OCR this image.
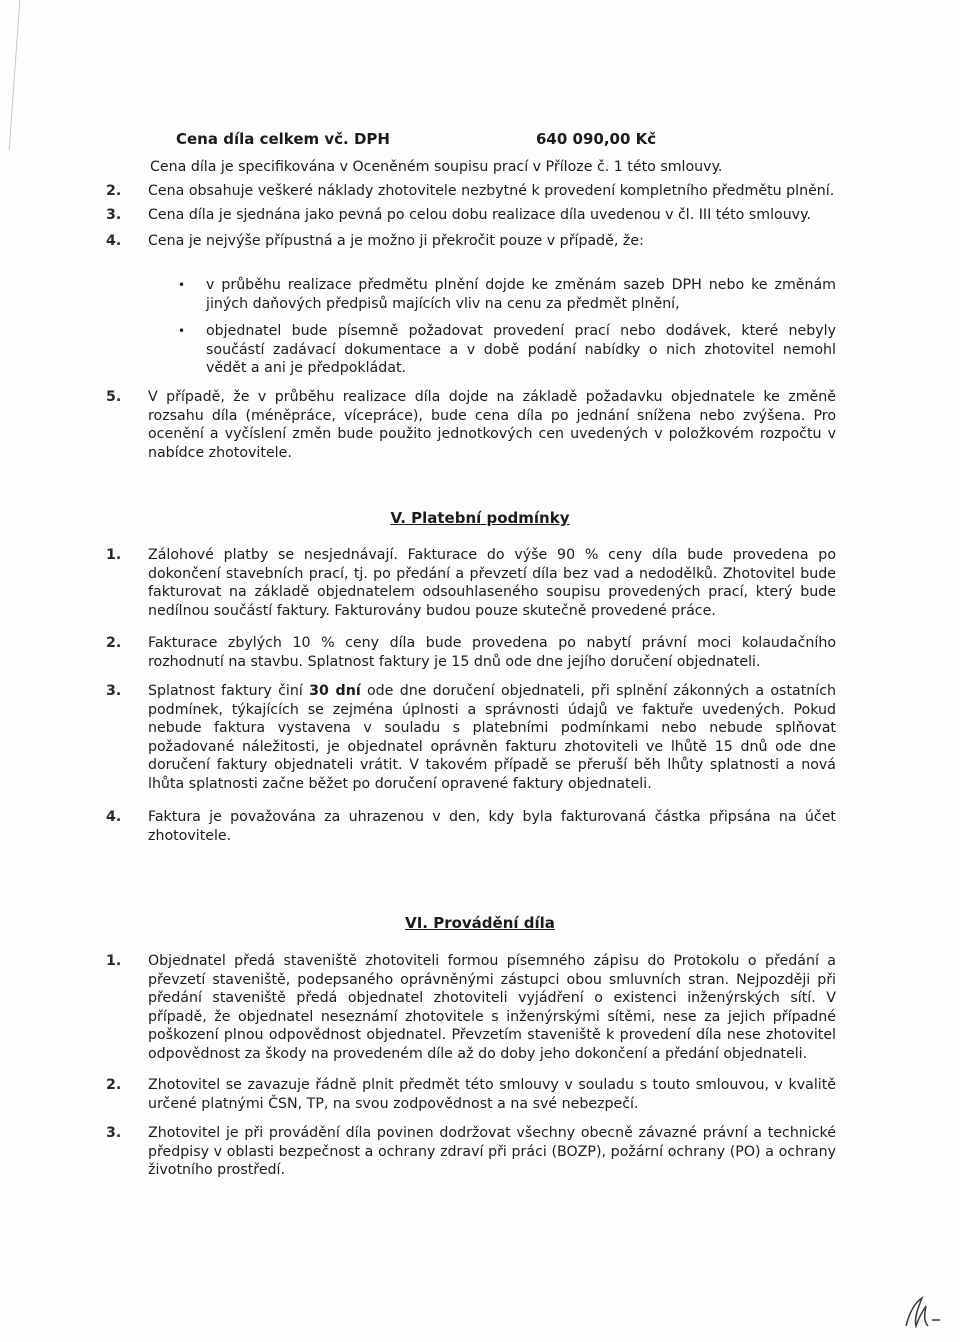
Cena díla celkem vč. DPH	640 090,00 Kč
Cena díla je specifikována v Oceněném soupisu prací v Příloze č. 1 této smlouvy.
2.	Cena obsahuje veškeré náklady zhotovitele nezbytné k provedení kompletního předmětu plnění.
3.	Cena díla je sjednána jako pevná po celou dobu realizace díla uvedenou v čl. III této smlouvy.
4.	Cena je nejvýše přípustná a je možno ji překročit pouze v případě, že:
• v průběhu realizace předmětu plnění dojde ke změnám sazeb DPH nebo ke změnám jiných daňových předpisů majících vliv na cenu za předmět plnění,
• objednatel bude písemně požadovat provedení prací nebo dodávek, které nebyly součástí zadávací dokumentace a v době podání nabídky o nich zhotovitel nemohl vědět a ani je předpokládat.
5.	V případě, že v průběhu realizace díla dojde na základě požadavku objednatele ke změně rozsahu díla (méněpráce, vícepráce), bude cena díla po jednání snížena nebo zvýšena. Pro ocenění a vyčíslení změn bude použito jednotkových cen uvedených v položkovém rozpočtu v nabídce zhotovitele.
V. Platební podmínky
1.	Zálohové platby se nesjednávají. Fakturace do výše 90 % ceny díla bude provedena po dokončení stavebních prací, tj. po předání a převzetí díla bez vad a nedodělků. Zhotovitel bude fakturovat na základě objednatelem odsouhlaseného soupisu provedených prací, který bude nedílnou součástí faktury. Fakturovány budou pouze skutečně provedené práce.
2.	Fakturace zbylých 10 % ceny díla bude provedena po nabytí právní moci kolaudačního rozhodnutí na stavbu. Splatnost faktury je 15 dnů ode dne jejího doručení objednateli.
3.	Splatnost faktury činí 30 dní ode dne doručení objednateli, při splnění zákonných a ostatních podmínek, týkajících se zejména úplnosti a správnosti údajů ve faktuře uvedených. Pokud nebude faktura vystavena v souladu s platebními podmínkami nebo nebude splňovat požadované náležitosti, je objednatel oprávněn fakturu zhotoviteli ve lhůtě 15 dnů ode dne doručení faktury objednateli vrátit. V takovém případě se přeruší běh lhůty splatnosti a nová lhůta splatnosti začne běžet po doručení opravené faktury objednateli.
4.	Faktura je považována za uhrazenou v den, kdy byla fakturovaná částka připsána na účet zhotovitele.
VI. Provádění díla
1.	Objednatel předá staveniště zhotoviteli formou písemného zápisu do Protokolu o předání a převzetí staveniště, podepsaného oprávněnými zástupci obou smluvních stran. Nejpozději při předání staveniště předá objednatel zhotoviteli vyjádření o existenci inženýrských sítí. V případě, že objednatel neseznámí zhotovitele s inženýrskými sítěmi, nese za jejich případné poškození plnou odpovědnost objednatel. Převzetím staveniště k provedení díla nese zhotovitel odpovědnost za škody na provedeném díle až do doby jeho dokončení a předání objednateli.
2.	Zhotovitel se zavazuje řádně plnit předmět této smlouvy v souladu s touto smlouvou, v kvalitě určené platnými ČSN, TP, na svou zodpovědnost a na své nebezpečí.
3.	Zhotovitel je při provádění díla povinen dodržovat všechny obecně závazné právní a technické předpisy v oblasti bezpečnost a ochrany zdraví při práci (BOZP), požární ochrany (PO) a ochrany životního prostředí.
